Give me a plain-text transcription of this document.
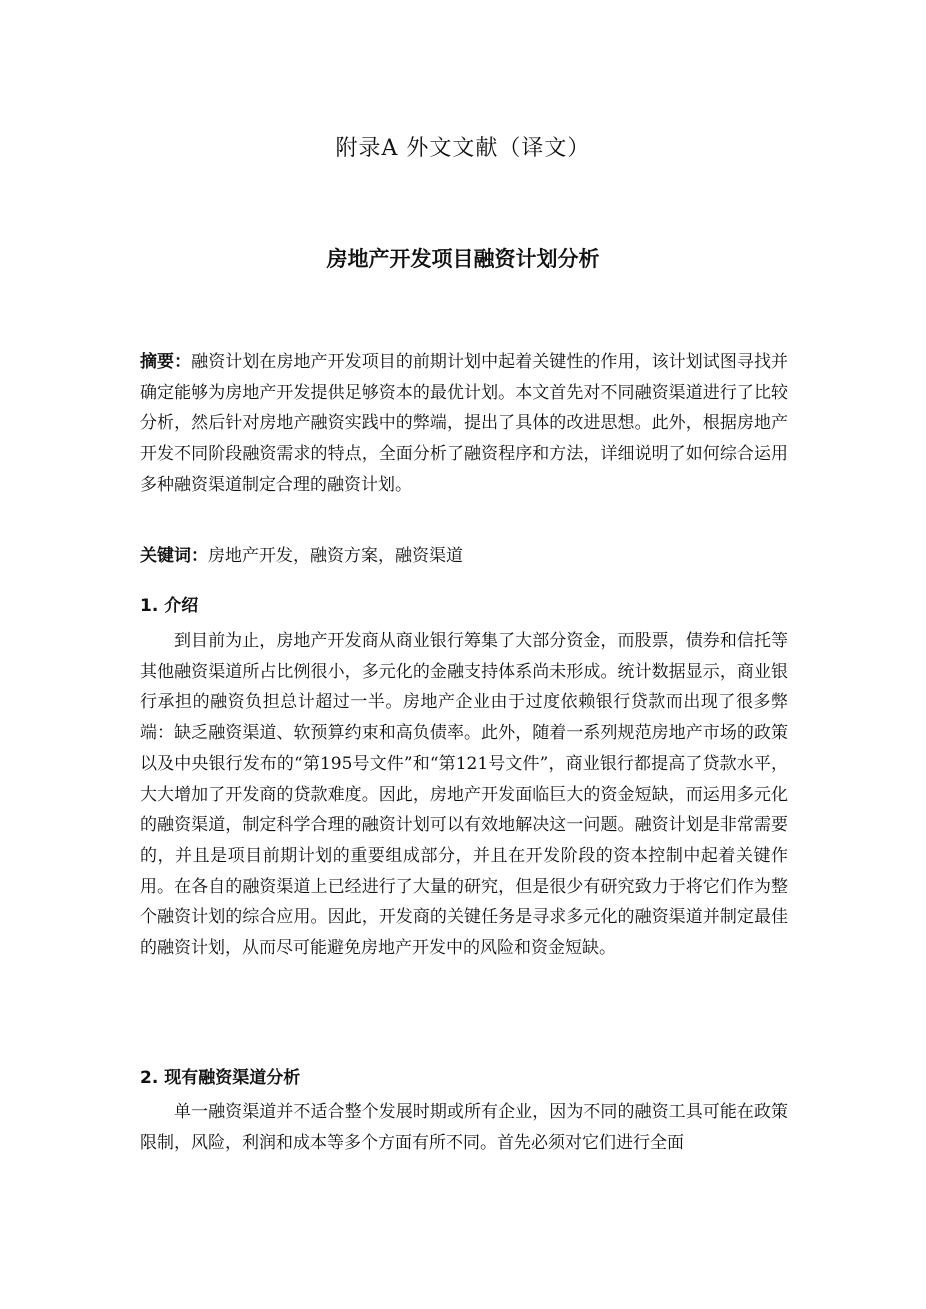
附录A 外文文献（译文）
房地产开发项目融资计划分析
摘要：融资计划在房地产开发项目的前期计划中起着关键性的作用，该计划试图寻找并确定能够为房地产开发提供足够资本的最优计划。本文首先对不同融资渠道进行了比较分析，然后针对房地产融资实践中的弊端，提出了具体的改进思想。此外，根据房地产开发不同阶段融资需求的特点，全面分析了融资程序和方法，详细说明了如何综合运用多种融资渠道制定合理的融资计划。
关键词：房地产开发，融资方案，融资渠道
1. 介绍

到目前为止，房地产开发商从商业银行筹集了大部分资金，而股票，债券和信托等其他融资渠道所占比例很小，多元化的金融支持体系尚未形成。统计数据显示，商业银行承担的融资负担总计超过一半。房地产企业由于过度依赖银行贷款而出现了很多弊端：缺乏融资渠道、软预算约束和高负债率。此外，随着一系列规范房地产市场的政策以及中央银行发布的“第195号文件”和“第121号文件”，商业银行都提高了贷款水平，大大增加了开发商的贷款难度。因此，房地产开发面临巨大的资金短缺，而运用多元化的融资渠道，制定科学合理的融资计划可以有效地解决这一问题。融资计划是非常需要的，并且是项目前期计划的重要组成部分，并且在开发阶段的资本控制中起着关键作用。在各自的融资渠道上已经进行了大量的研究，但是很少有研究致力于将它们作为整个融资计划的综合应用。因此，开发商的关键任务是寻求多元化的融资渠道并制定最佳的融资计划，从而尽可能避免房地产开发中的风险和资金短缺。

2. 现有融资渠道分析

单一融资渠道并不适合整个发展时期或所有企业，因为不同的融资工具可能在政策限制，风险，利润和成本等多个方面有所不同。首先必须对它们进行全面
